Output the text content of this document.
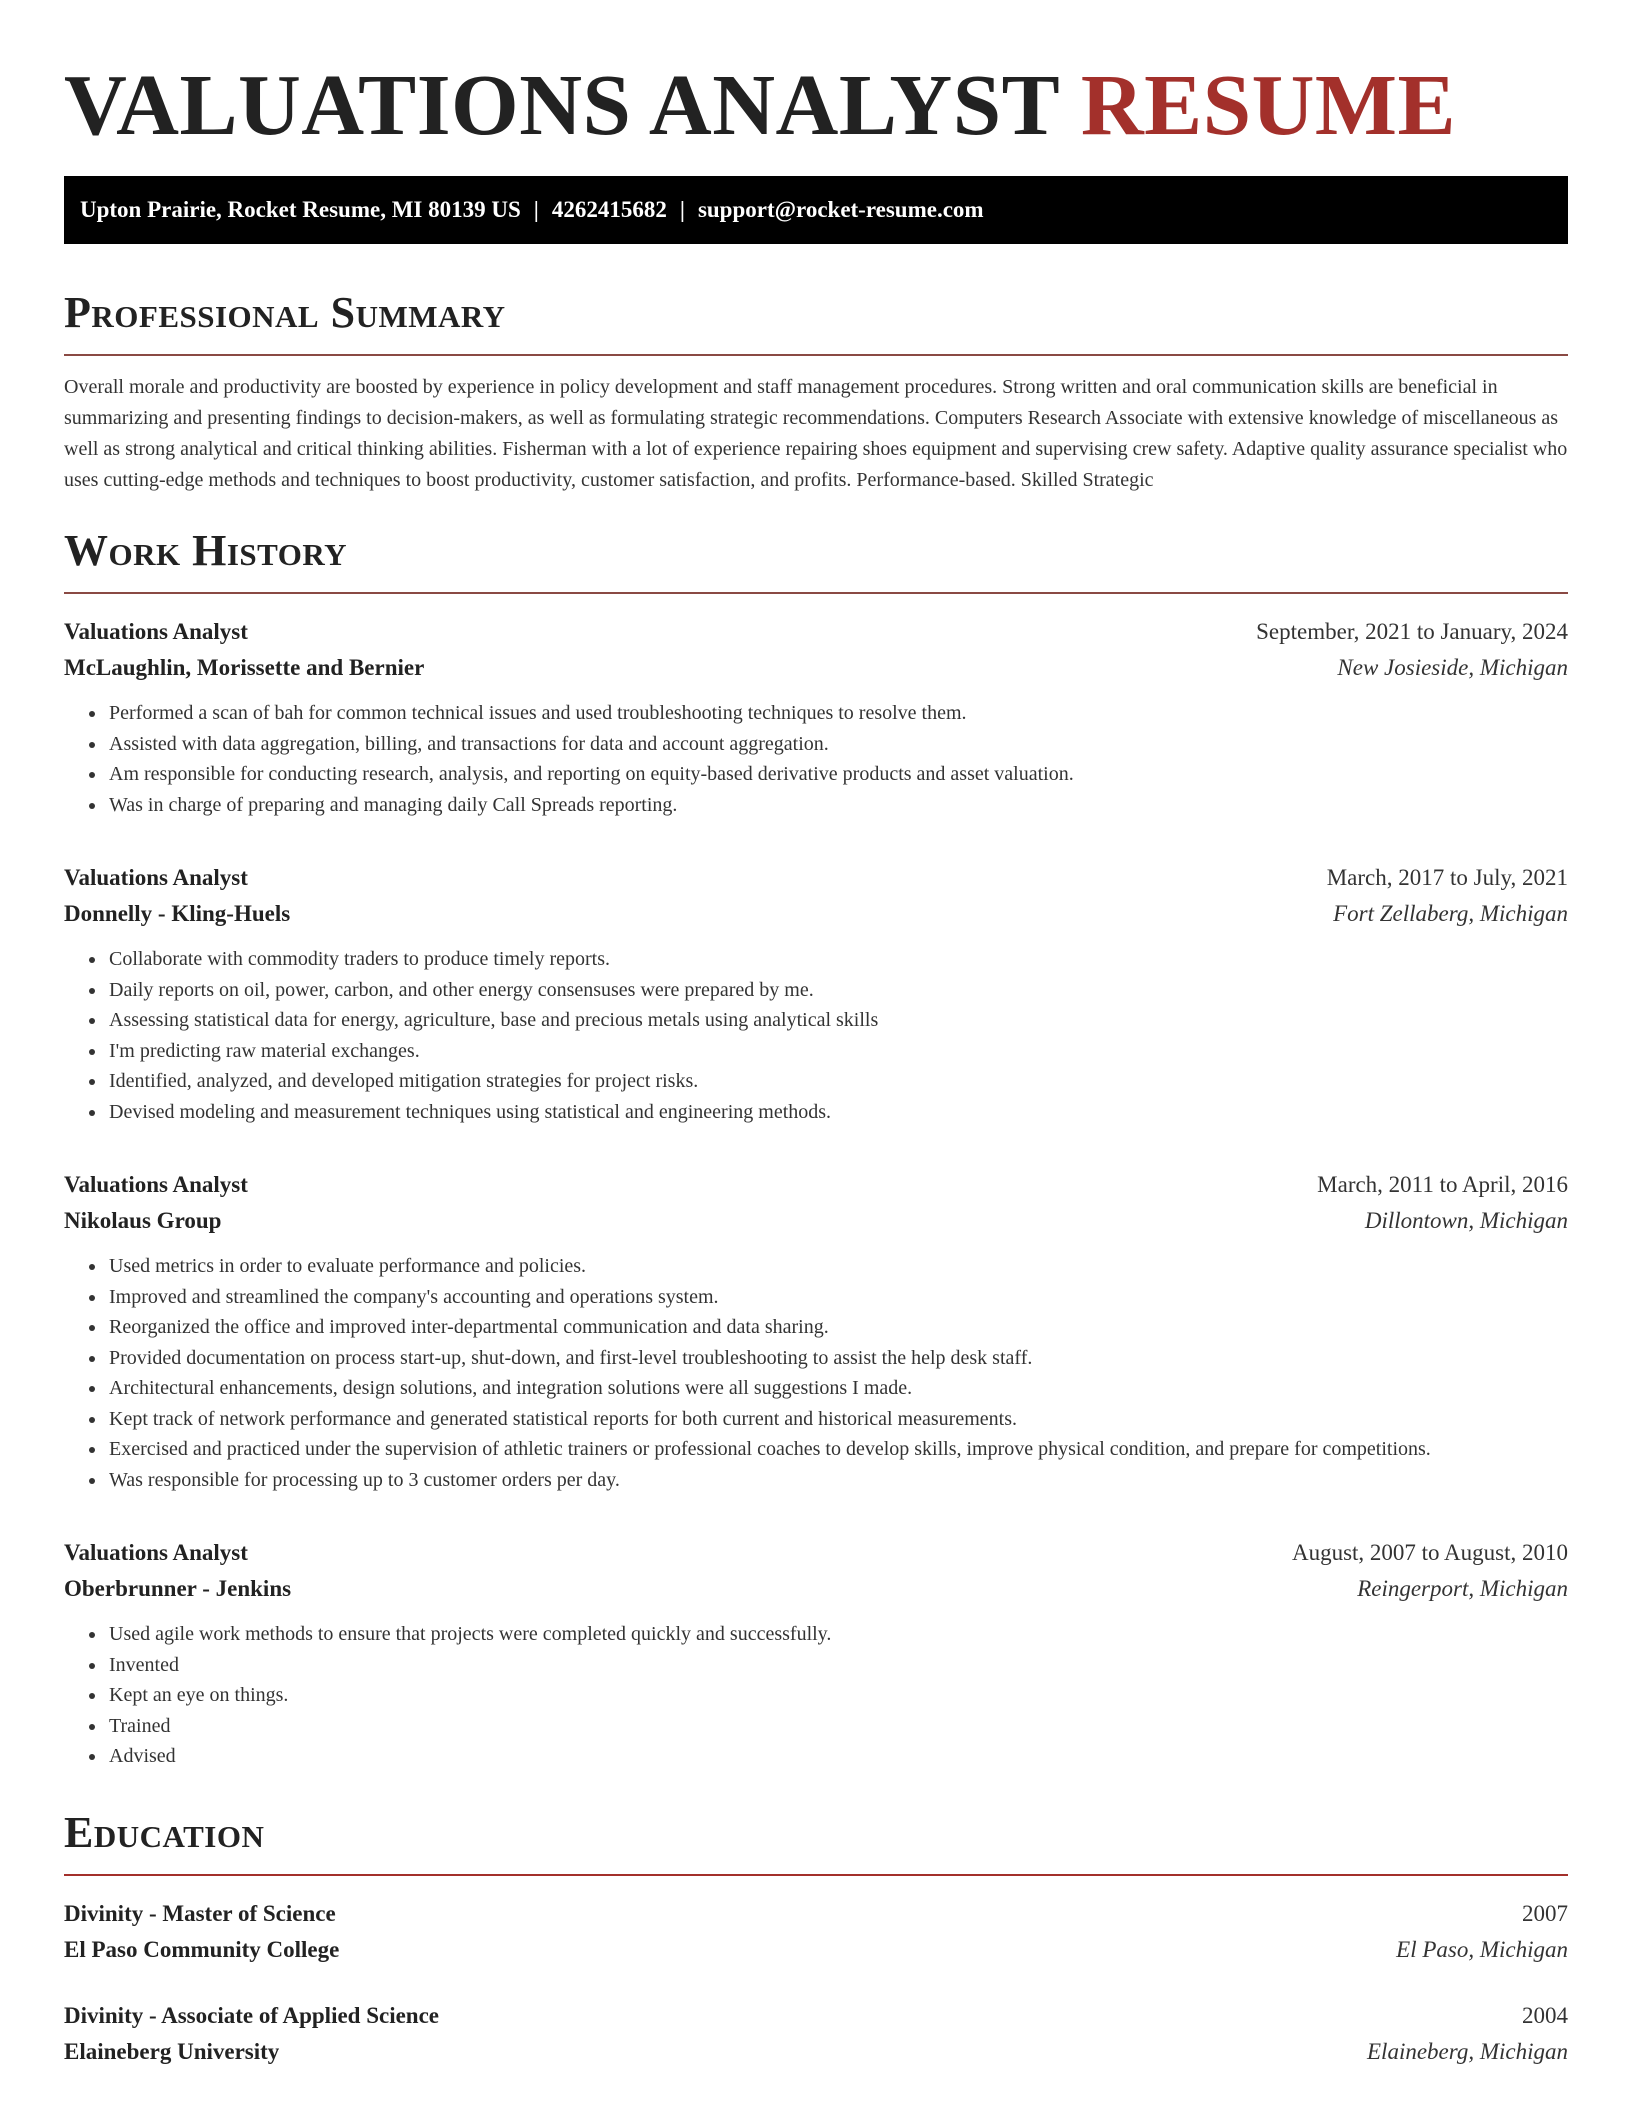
VALUATIONS ANALYST RESUME
Upton Prairie, Rocket Resume, MI 80139 US | 4262415682 | support@rocket-resume.com
Professional Summary

Overall morale and productivity are boosted by experience in policy development and staff management procedures. Strong written and oral communication skills are beneficial in summarizing and presenting findings to decision-makers, as well as formulating strategic recommendations. Computers Research Associate with extensive knowledge of miscellaneous as well as strong analytical and critical thinking abilities. Fisherman with a lot of experience repairing shoes equipment and supervising crew safety. Adaptive quality assurance specialist who uses cutting-edge methods and techniques to boost productivity, customer satisfaction, and profits. Performance-based. Skilled Strategic

Work History
Valuations Analyst	September, 2021 to January, 2024
McLaughlin, Morissette and Bernier	New Josieside, Michigan
• Performed a scan of bah for common technical issues and used troubleshooting techniques to resolve them.
• Assisted with data aggregation, billing, and transactions for data and account aggregation.
• Am responsible for conducting research, analysis, and reporting on equity-based derivative products and asset valuation.
• Was in charge of preparing and managing daily Call Spreads reporting.
Valuations Analyst	March, 2017 to July, 2021
Donnelly - Kling-Huels	Fort Zellaberg, Michigan
• Collaborate with commodity traders to produce timely reports.
• Daily reports on oil, power, carbon, and other energy consensuses were prepared by me.
• Assessing statistical data for energy, agriculture, base and precious metals using analytical skills
• I'm predicting raw material exchanges.
• Identified, analyzed, and developed mitigation strategies for project risks.
• Devised modeling and measurement techniques using statistical and engineering methods.
Valuations Analyst	March, 2011 to April, 2016
Nikolaus Group	Dillontown, Michigan
• Used metrics in order to evaluate performance and policies.
• Improved and streamlined the company's accounting and operations system.
• Reorganized the office and improved inter-departmental communication and data sharing.
• Provided documentation on process start-up, shut-down, and first-level troubleshooting to assist the help desk staff.
• Architectural enhancements, design solutions, and integration solutions were all suggestions I made.
• Kept track of network performance and generated statistical reports for both current and historical measurements.
• Exercised and practiced under the supervision of athletic trainers or professional coaches to develop skills, improve physical condition, and prepare for competitions.
• Was responsible for processing up to 3 customer orders per day.
Valuations Analyst	August, 2007 to August, 2010
Oberbrunner - Jenkins	Reingerport, Michigan
• Used agile work methods to ensure that projects were completed quickly and successfully.
• Invented
• Kept an eye on things.
• Trained
• Advised
Education
Divinity - Master of Science	2007
El Paso Community College	El Paso, Michigan
Divinity - Associate of Applied Science	2004
Elaineberg University	Elaineberg, Michigan
